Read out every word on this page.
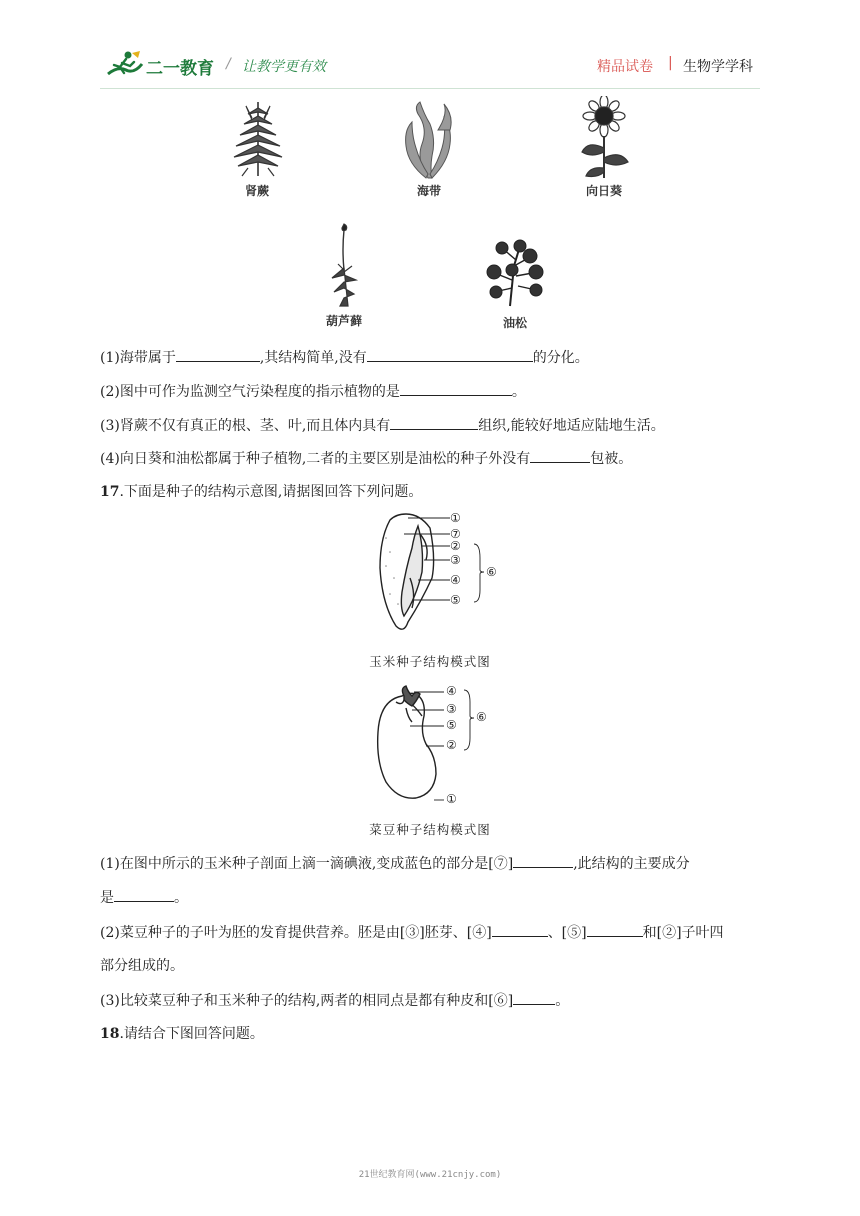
二一教育 / 让教学更有效	精品试卷 | 生物学学科
肾蕨	海带	向日葵
葫芦藓	油松
(1)海带属于	,其结构简单,没有	的分化。
(2)图中可作为监测空气污染程度的指示植物的是	。
(3)肾蕨不仅有真正的根、茎、叶,而且体内具有	组织,能较好地适应陆地生活。
(4)向日葵和油松都属于种子植物,二者的主要区别是油松的种子外没有	包被。
17.下面是种子的结构示意图,请据图回答下列问题。
①
⑦
②
③
④
⑤
⑥
玉米种子结构模式图
④
③
⑤
②
①
⑥
菜豆种子结构模式图
(1)在图中所示的玉米种子剖面上滴一滴碘液,变成蓝色的部分是[⑦]	,此结构的主要成分
是	。
(2)菜豆种子的子叶为胚的发育提供营养。胚是由[③]胚芽、[④]	、[⑤]	和[②]子叶四
部分组成的。
(3)比较菜豆种子和玉米种子的结构,两者的相同点是都有种皮和[⑥]	。
18.请结合下图回答问题。
21世纪教育网(www.21cnjy.com)
